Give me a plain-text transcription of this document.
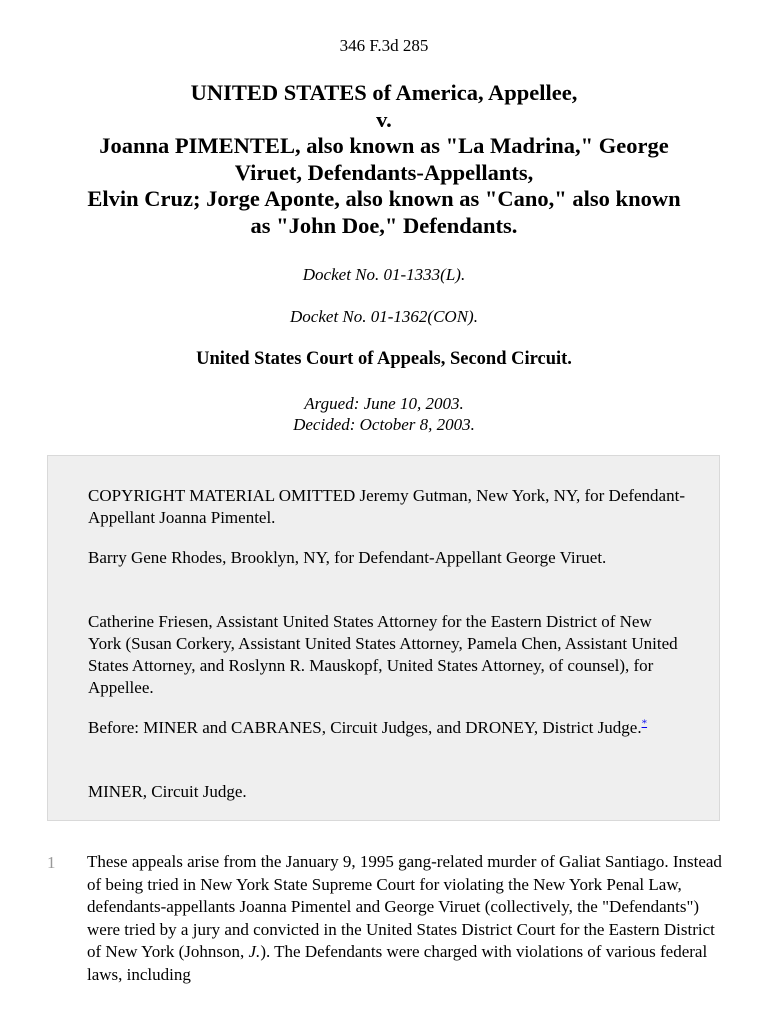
346 F.3d 285
UNITED STATES of America, Appellee,
v.
Joanna PIMENTEL, also known as "La Madrina," George
Viruet, Defendants-Appellants,
Elvin Cruz; Jorge Aponte, also known as "Cano," also known
as "John Doe," Defendants.
Docket No. 01-1333(L).
Docket No. 01-1362(CON).
United States Court of Appeals, Second Circuit.
Argued: June 10, 2003.
Decided: October 8, 2003.

COPYRIGHT MATERIAL OMITTED Jeremy Gutman, New York, NY, for Defendant-Appellant Joanna Pimentel.

Barry Gene Rhodes, Brooklyn, NY, for Defendant-Appellant George Viruet.

Catherine Friesen, Assistant United States Attorney for the Eastern District of New York (Susan Corkery, Assistant United States Attorney, Pamela Chen, Assistant United States Attorney, and Roslynn R. Mauskopf, United States Attorney, of counsel), for Appellee.

Before: MINER and CABRANES, Circuit Judges, and DRONEY, District Judge.*

MINER, Circuit Judge.

1 These appeals arise from the January 9, 1995 gang-related murder of Galiat Santiago. Instead of being tried in New York State Supreme Court for violating the New York Penal Law, defendants-appellants Joanna Pimentel and George Viruet (collectively, the "Defendants") were tried by a jury and convicted in the United States District Court for the Eastern District of New York (Johnson, J.). The Defendants were charged with violations of various federal laws, including
